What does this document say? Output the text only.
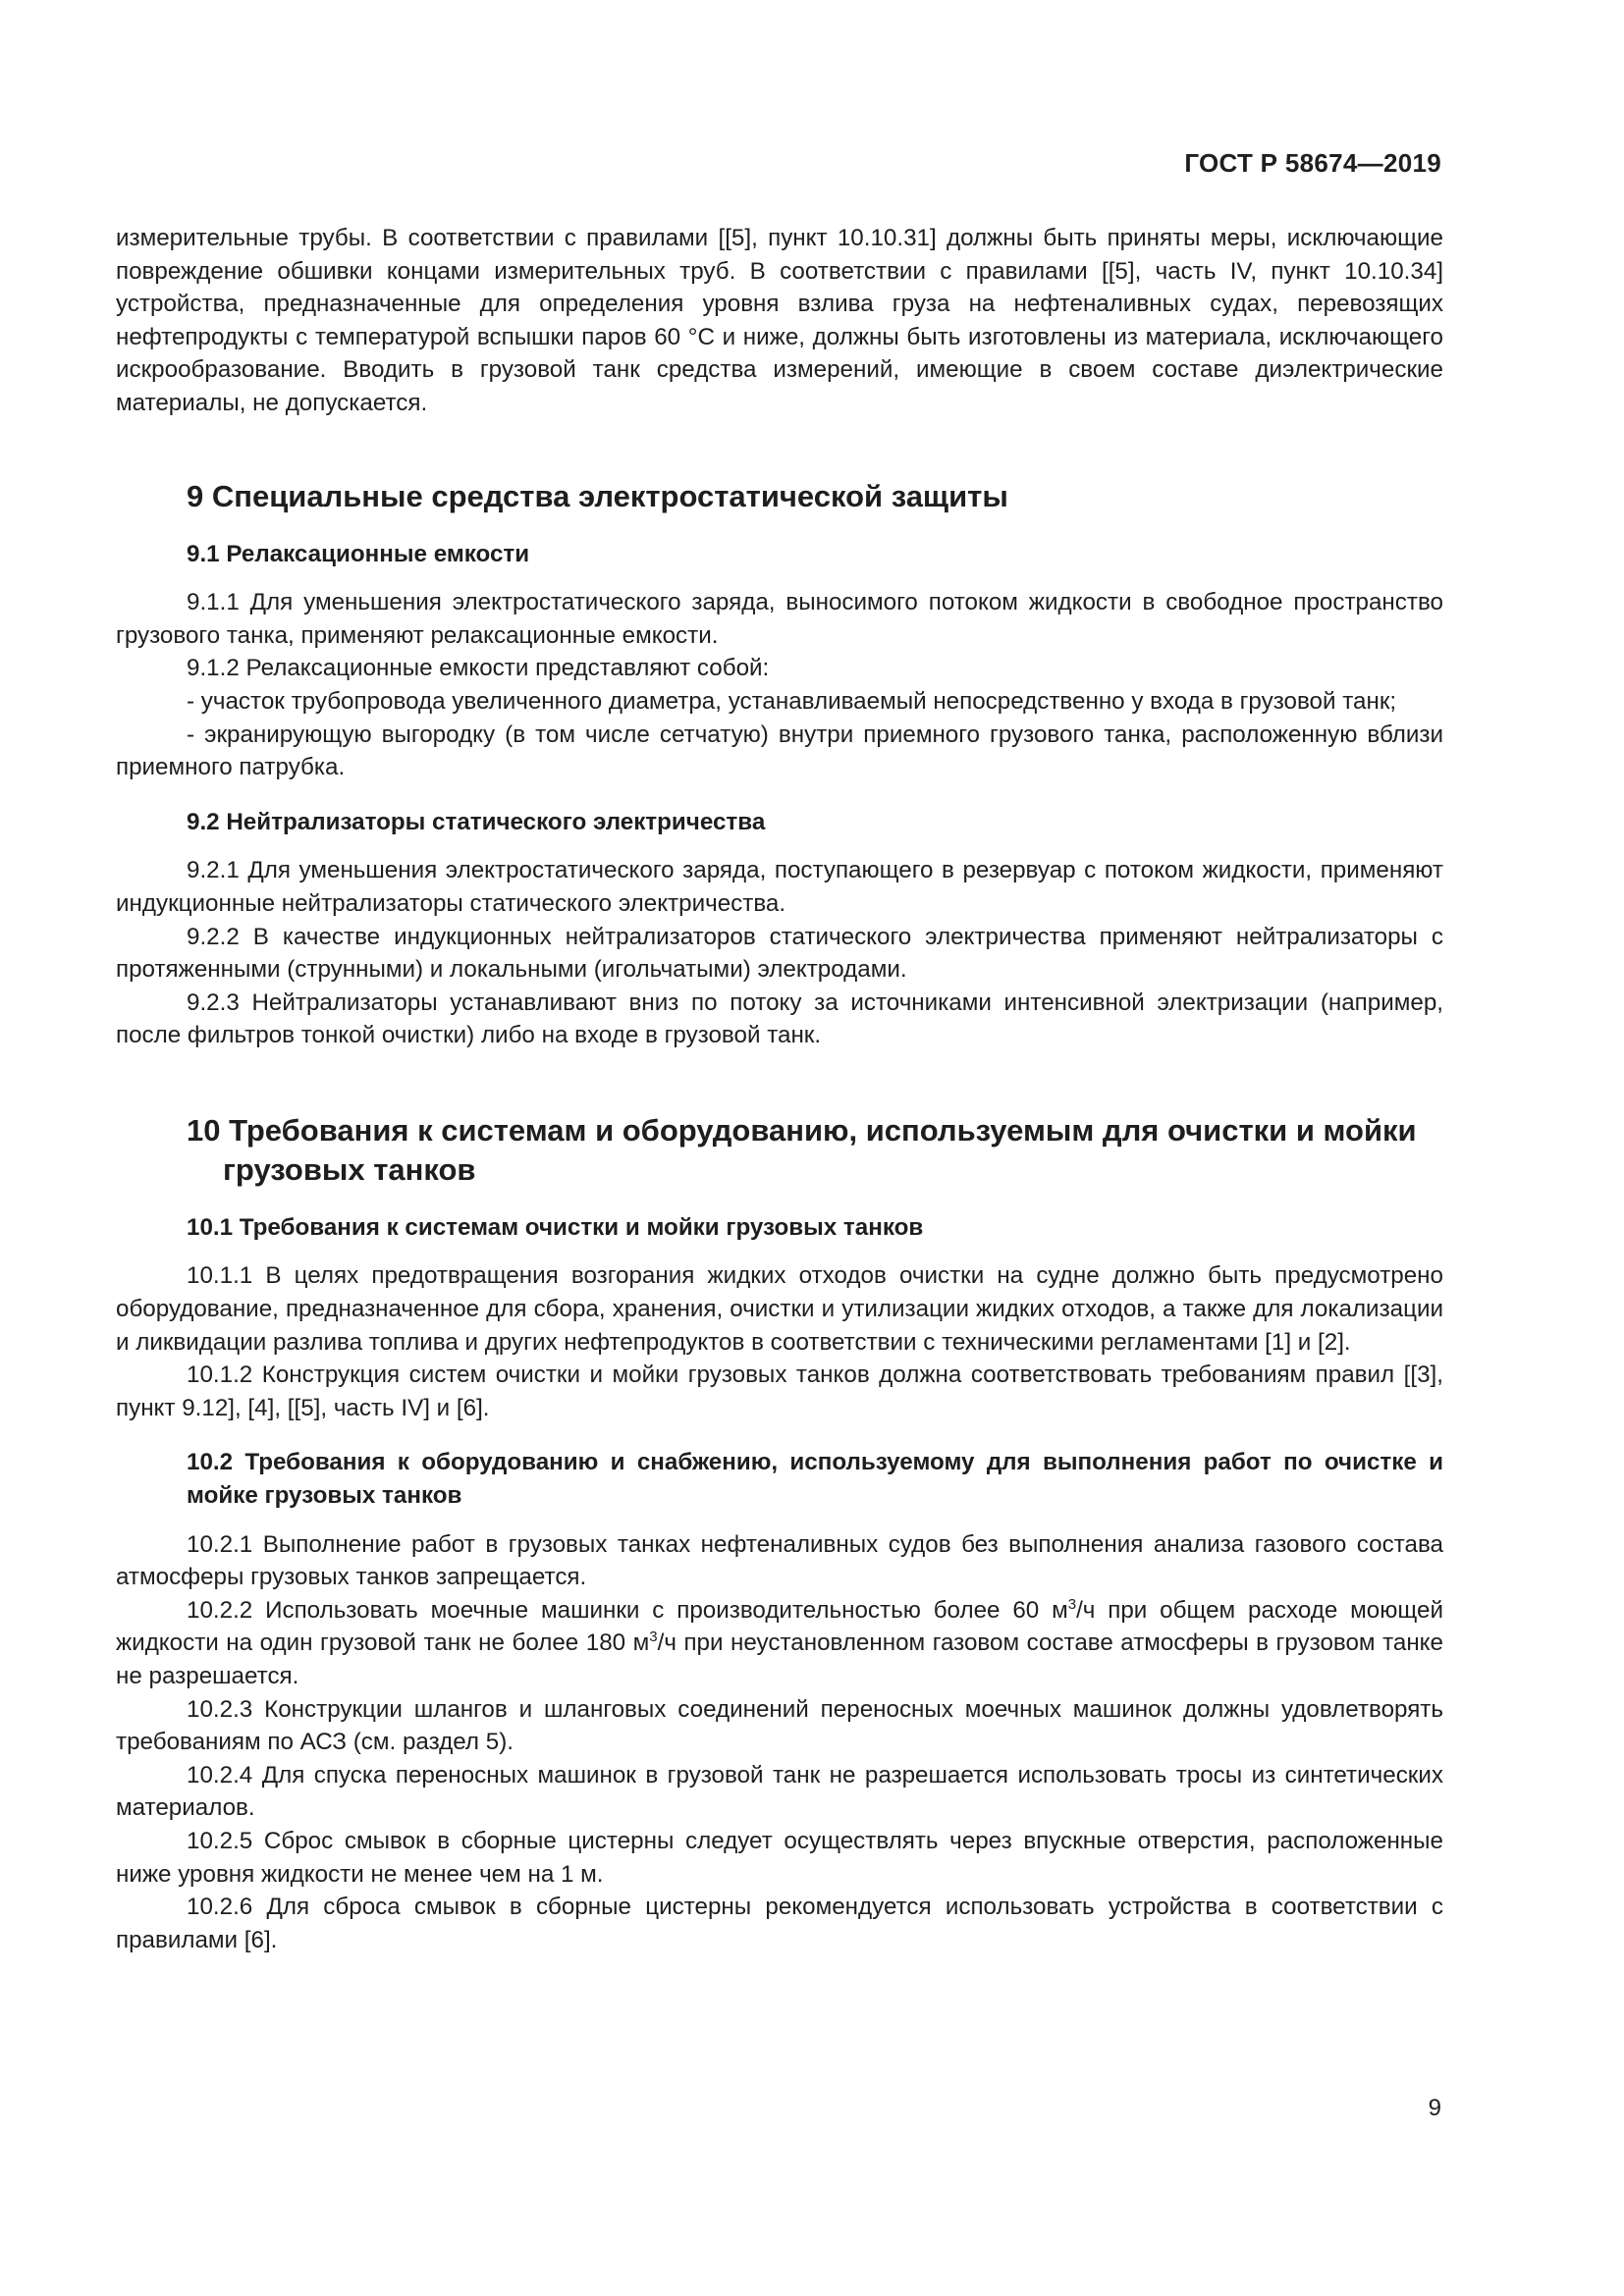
ГОСТ Р 58674—2019

измерительные трубы. В соответствии с правилами [[5], пункт 10.10.31] должны быть приняты меры, исключающие повреждение обшивки концами измерительных труб. В соответствии с правилами [[5], часть IV, пункт 10.10.34] устройства, предназначенные для определения уровня взлива груза на нефтеналивных судах, перевозящих нефтепродукты с температурой вспышки паров 60 °С и ниже, должны быть изготовлены из материала, исключающего искрообразование. Вводить в грузовой танк средства измерений, имеющие в своем составе диэлектрические материалы, не допускается.

9 Специальные средства электростатической защиты
9.1 Релаксационные емкости

9.1.1 Для уменьшения электростатического заряда, выносимого потоком жидкости в свободное пространство грузового танка, применяют релаксационные емкости.

9.1.2 Релаксационные емкости представляют собой:

- участок трубопровода увеличенного диаметра, устанавливаемый непосредственно у входа в грузовой танк;

- экранирующую выгородку (в том числе сетчатую) внутри приемного грузового танка, расположенную вблизи приемного патрубка.

9.2 Нейтрализаторы статического электричества

9.2.1 Для уменьшения электростатического заряда, поступающего в резервуар с потоком жидкости, применяют индукционные нейтрализаторы статического электричества.

9.2.2 В качестве индукционных нейтрализаторов статического электричества применяют нейтрализаторы с протяженными (струнными) и локальными (игольчатыми) электродами.

9.2.3 Нейтрализаторы устанавливают вниз по потоку за источниками интенсивной электризации (например, после фильтров тонкой очистки) либо на входе в грузовой танк.

10 Требования к системам и оборудованию, используемым для очистки и мойки грузовых танков
10.1 Требования к системам очистки и мойки грузовых танков

10.1.1 В целях предотвращения возгорания жидких отходов очистки на судне должно быть предусмотрено оборудование, предназначенное для сбора, хранения, очистки и утилизации жидких отходов, а также для локализации и ликвидации разлива топлива и других нефтепродуктов в соответствии с техническими регламентами [1] и [2].

10.1.2 Конструкция систем очистки и мойки грузовых танков должна соответствовать требованиям правил [[3], пункт 9.12], [4], [[5], часть IV] и [6].

10.2 Требования к оборудованию и снабжению, используемому для выполнения работ по очистке и мойке грузовых танков

10.2.1 Выполнение работ в грузовых танках нефтеналивных судов без выполнения анализа газового состава атмосферы грузовых танков запрещается.

10.2.2 Использовать моечные машинки с производительностью более 60 $м^3/ч$ при общем расходе моющей жидкости на один грузовой танк не более 180 $м^3/ч$ при неустановленном газовом составе атмосферы в грузовом танке не разрешается.

10.2.3 Конструкции шлангов и шланговых соединений переносных моечных машинок должны удовлетворять требованиям по АСЗ (см. раздел 5).

10.2.4 Для спуска переносных машинок в грузовой танк не разрешается использовать тросы из синтетических материалов.

10.2.5 Сброс смывок в сборные цистерны следует осуществлять через впускные отверстия, расположенные ниже уровня жидкости не менее чем на 1 м.

10.2.6 Для сброса смывок в сборные цистерны рекомендуется использовать устройства в соответствии с правилами [6].

9
